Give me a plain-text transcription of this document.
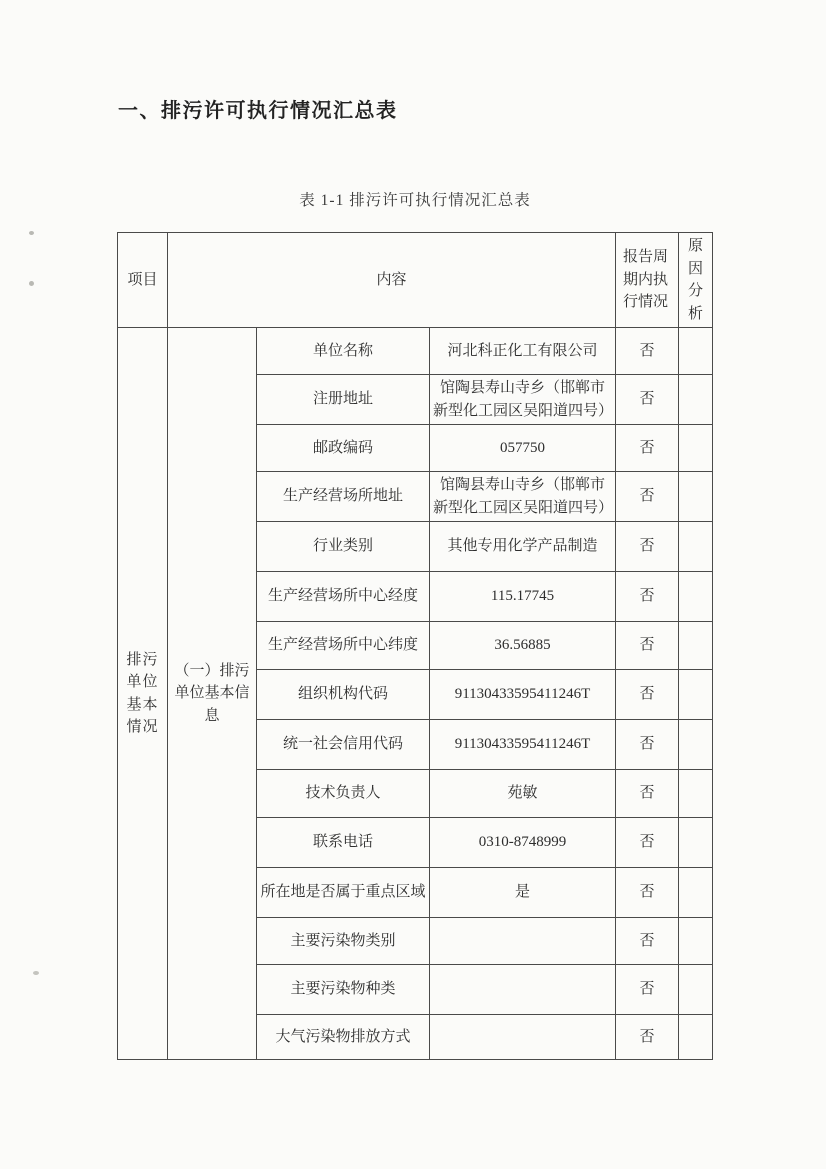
一、排污许可执行情况汇总表
表 1-1 排污许可执行情况汇总表
项目	内容			报告周期内执行情况	原因分析
排污单位基本情况	（一）排污单位基本信息	单位名称	河北科正化工有限公司	否	
		注册地址	馆陶县寿山寺乡（邯郸市新型化工园区吴阳道四号）	否	
		邮政编码	057750	否	
		生产经营场所地址	馆陶县寿山寺乡（邯郸市新型化工园区吴阳道四号）	否	
		行业类别	其他专用化学产品制造	否	
		生产经营场所中心经度	115.17745	否	
		生产经营场所中心纬度	36.56885	否	
		组织机构代码	91130433595411246T	否	
		统一社会信用代码	91130433595411246T	否	
		技术负责人	苑敏	否	
		联系电话	0310-8748999	否	
		所在地是否属于重点区域	是	否	
		主要污染物类别		否	
		主要污染物种类		否	
		大气污染物排放方式		否	
